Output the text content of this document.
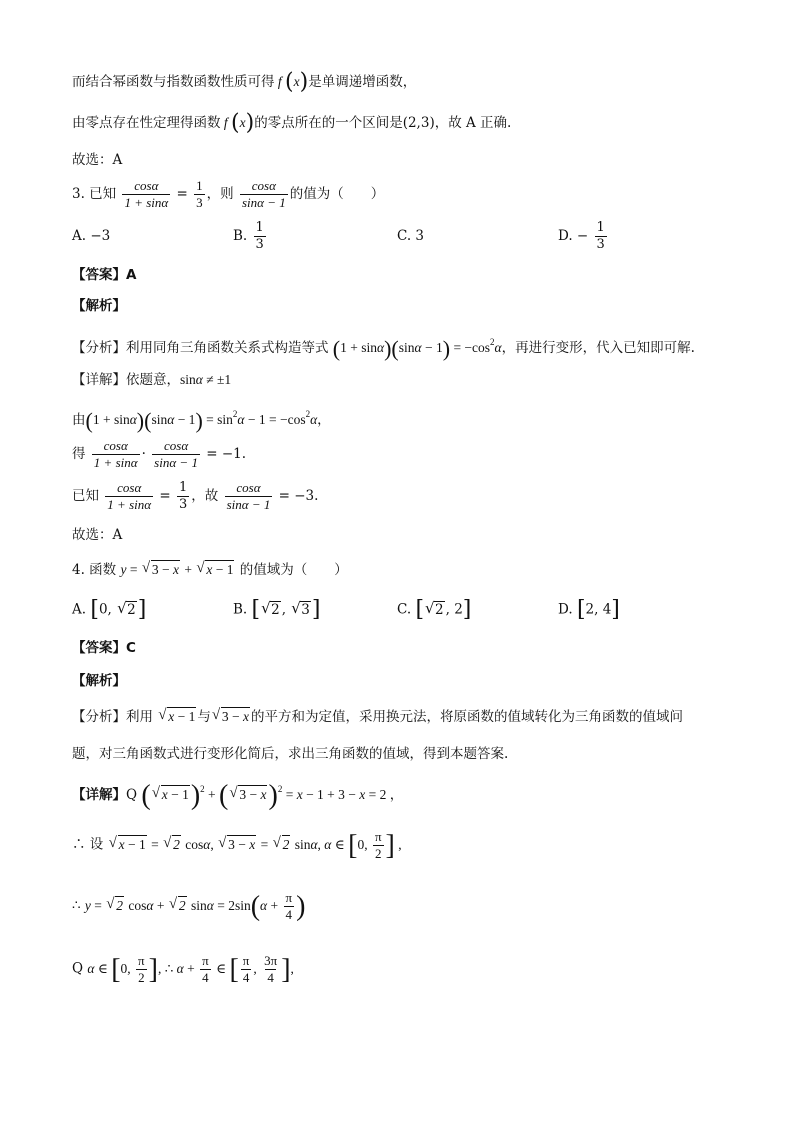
而结合幂函数与指数函数性质可得 f (x)是单调递增函数，
由零点存在性定理得函数 f (x)的零点所在的一个区间是(2,3)，故 A 正确.
故选：A
3. 已知 $\frac{\cos\alpha}{1 + \sin\alpha} = \frac{1}{3}$ ，则 $\frac{\cos\alpha}{\sin\alpha - 1}$ 的值为（　　）
A. −3	B. $\frac{1}{3}$	C. 3	D. − $\frac{1}{3}$
【答案】A
【解析】
【分析】利用同角三角函数关系式构造等式 $(1 + \sin\alpha)(\sin\alpha - 1) = -\cos^2\alpha$，再进行变形，代入已知即可解.
【详解】依题意，sinα ≠ ±1
由$(1 + \sin\alpha)(\sin\alpha - 1) = \sin^2\alpha - 1 = -\cos^2\alpha$，
得 $\frac{\cos\alpha}{1 + \sin\alpha} \cdot \frac{\cos\alpha}{\sin\alpha - 1} = -1$.
已知 $\frac{\cos\alpha}{1 + \sin\alpha} = \frac{1}{3}$ ，故 $\frac{\cos\alpha}{\sin\alpha - 1} = -3$.
故选：A
4. 函数 y = √ 3 − x + √ x − 1 的值域为（　　）
A. [0, √ 2]	B. [ √ 2 , √ 3]	C. [ √ 2 , 2]	D. [2, 4]
【答案】C
【解析】
【分析】利用 √ x − 1 与 √ 3 − x 的平方和为定值，采用换元法，将原函数的值域转化为三角函数的值域问
题，对三角函数式进行变形化简后，求出三角函数的值域，得到本题答案.
【详解】Q ( √ x − 1)$^2$ + ( √ 3 − x)$^2$ = x − 1 + 3 − x = 2 ，
∴ 设 √ x − 1 = √ 2 cosα, √ 3 − x = √ 2 sinα, α ∈ [0, $\frac{\pi}{2}$ ] ,
∴ y = √ 2 cosα + √ 2 $\sin\alpha = 2\sin(\alpha + \frac{\pi}{4}$ )
Q α ∈ [0, $\frac{\pi}{2}$ ], ∴ $\alpha + \frac{\pi}{4}$ ∈ [ $\frac{\pi}{4}$ , $\frac{3\pi}{4}$ ],
